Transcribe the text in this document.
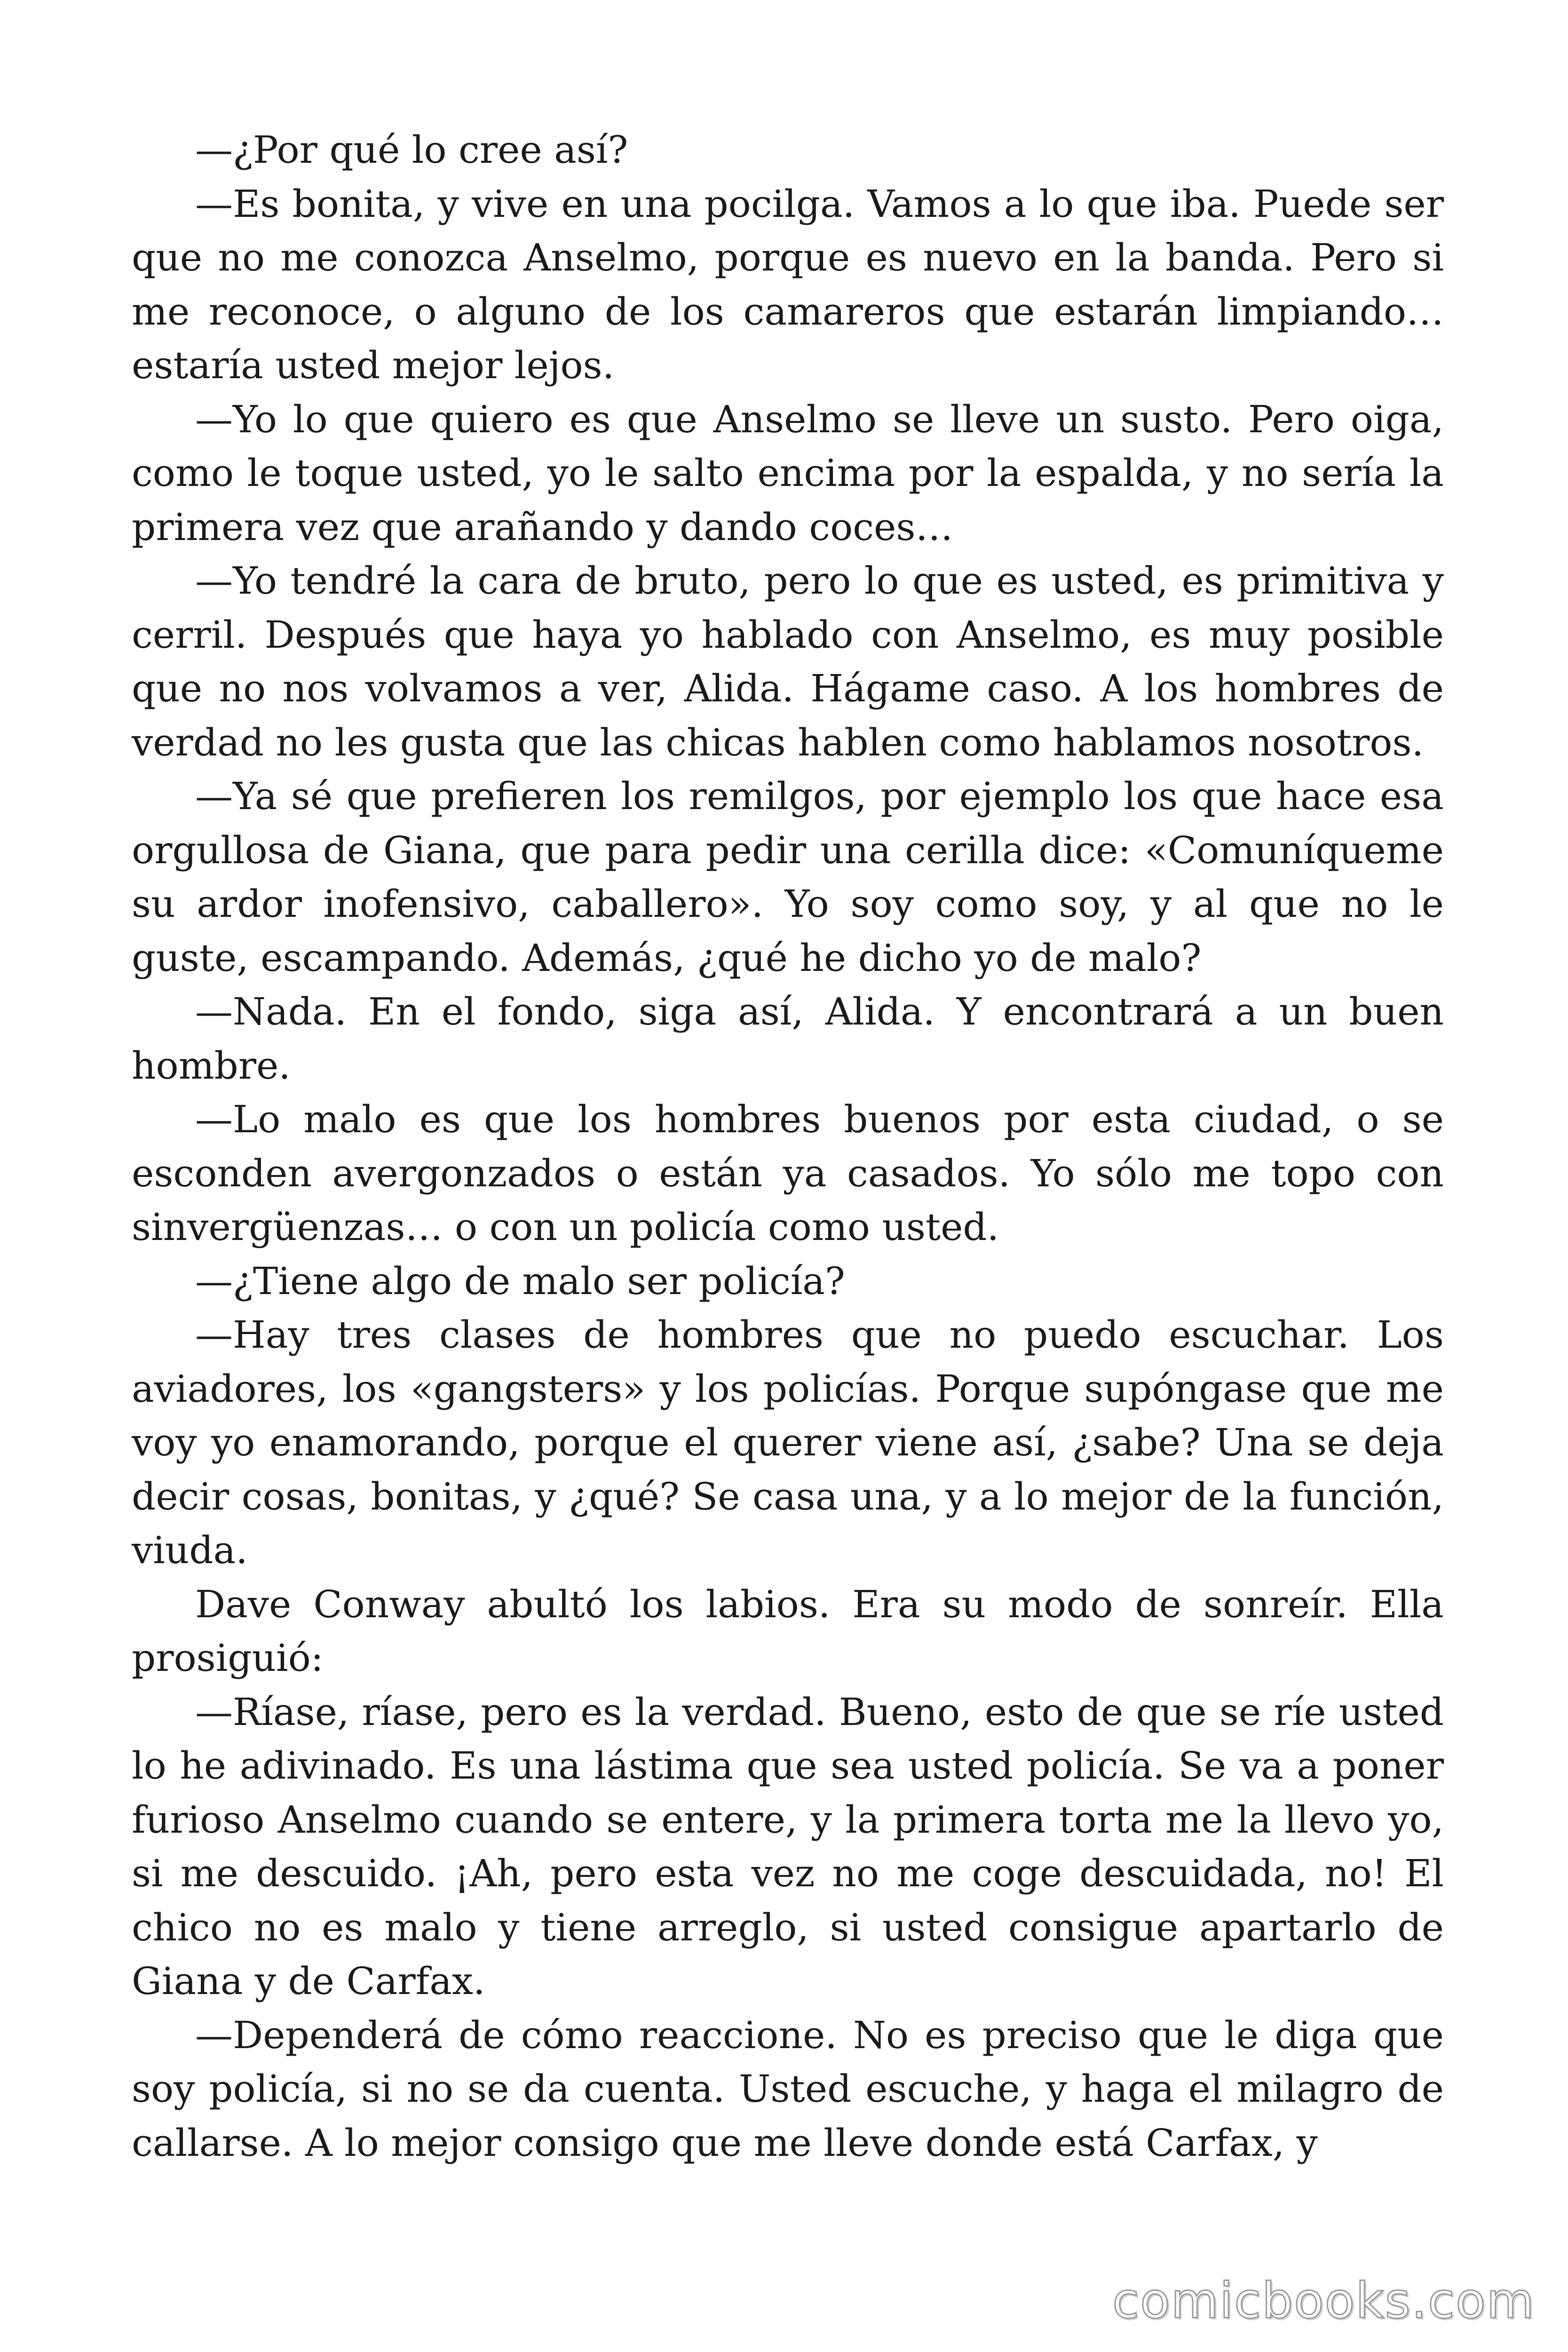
—¿Por qué lo cree así?

—Es bonita, y vive en una pocilga. Vamos a lo que iba. Puede ser que no me conozca Anselmo, porque es nuevo en la banda. Pero si me reconoce, o alguno de los camareros que estarán limpiando… estaría usted mejor lejos.

—Yo lo que quiero es que Anselmo se lleve un susto. Pero oiga, como le toque usted, yo le salto encima por la espalda, y no sería la primera vez que arañando y dando coces…

—Yo tendré la cara de bruto, pero lo que es usted, es primitiva y cerril. Después que haya yo hablado con Anselmo, es muy posible que no nos volvamos a ver, Alida. Hágame caso. A los hombres de verdad no les gusta que las chicas hablen como hablamos nosotros.

—Ya sé que prefieren los remilgos, por ejemplo los que hace esa orgullosa de Giana, que para pedir una cerilla dice: «Comuníqueme su ardor inofensivo, caballero». Yo soy como soy, y al que no le guste, escampando. Además, ¿qué he dicho yo de malo?

—Nada. En el fondo, siga así, Alida. Y encontrará a un buen hombre.

—Lo malo es que los hombres buenos por esta ciudad, o se esconden avergonzados o están ya casados. Yo sólo me topo con sinvergüenzas… o con un policía como usted.

—¿Tiene algo de malo ser policía?

—Hay tres clases de hombres que no puedo escuchar. Los aviadores, los «gangsters» y los policías. Porque supóngase que me voy yo enamorando, porque el querer viene así, ¿sabe? Una se deja decir cosas, bonitas, y ¿qué? Se casa una, y a lo mejor de la función, viuda.

Dave Conway abultó los labios. Era su modo de sonreír. Ella prosiguió:

—Ríase, ríase, pero es la verdad. Bueno, esto de que se ríe usted lo he adivinado. Es una lástima que sea usted policía. Se va a poner furioso Anselmo cuando se entere, y la primera torta me la llevo yo, si me descuido. ¡Ah, pero esta vez no me coge descuidada, no! El chico no es malo y tiene arreglo, si usted consigue apartarlo de Giana y de Carfax.

—Dependerá de cómo reaccione. No es preciso que le diga que soy policía, si no se da cuenta. Usted escuche, y haga el milagro de callarse. A lo mejor consigo que me lleve donde está Carfax, y

comicbooks.com
